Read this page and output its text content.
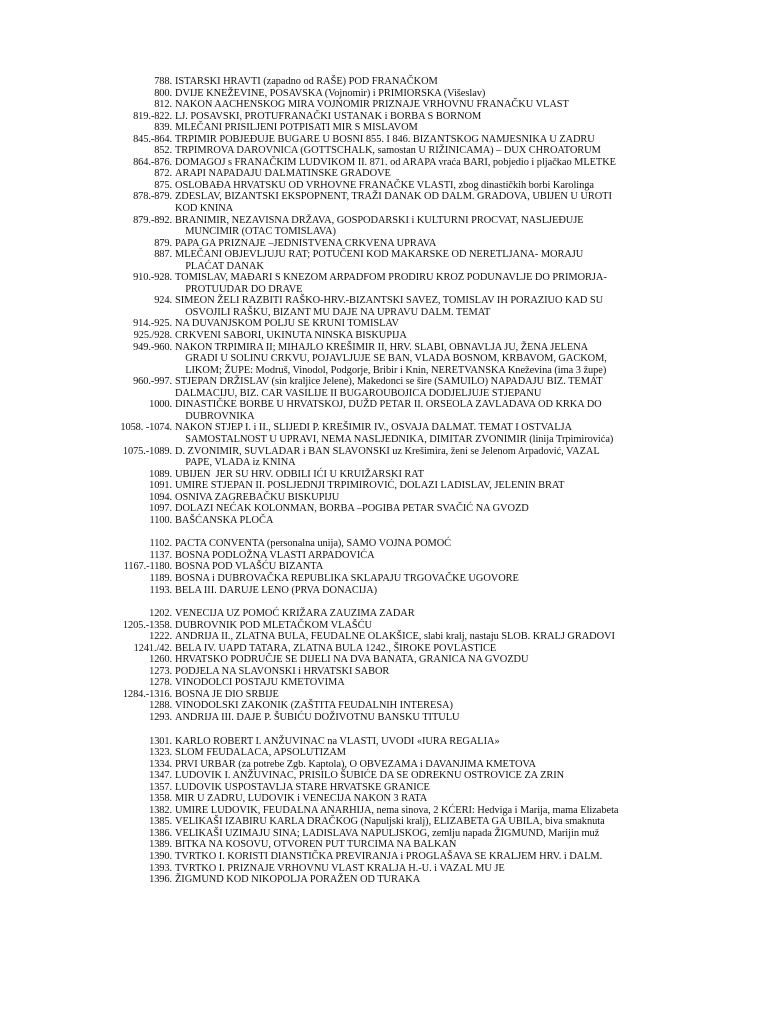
788. ISTARSKI HRAVTI (zapadno od RAŠE) POD FRANAČKOM
800. DVIJE KNEŽEVINE, POSAVSKA (Vojnomir) i PRIMIORSKA (Višeslav)
812. NAKON AACHENSKOG MIRA VOJNOMIR PRIZNAJE VRHOVNU FRANAČKU VLAST
819.-822. LJ. POSAVSKI, PROTUFRANAČKI USTANAK i BORBA S BORNOM
839. MLEČANI PRISILJENI POTPISATI MIR S MISLAVOM
845.-864. TRPIMIR POBJEĐUJE BUGARE U BOSNI 855. I 846. BIZANTSKOG NAMJESNIKA U ZADRU
852. TRPIMROVA DAROVNICA (GOTTSCHALK, samostan U RIŽINICAMA) – DUX CHROATORUM
864.-876. DOMAGOJ s FRANAČKIM LUDVIKOM II. 871. od ARAPA vraća BARI, pobjedio i pljačkao MLETKE
872. ARAPI NAPADAJU DALMATINSKE GRADOVE
875. OSLOBAĐA HRVATSKU OD VRHOVNE FRANAČKE VLASTI, zbog dinastičkih borbi Karolinga
878.-879. ZDESLAV, BIZANTSKI EKSPOPNENT, TRAŽI DANAK OD DALM. GRADOVA, UBIJEN U UROTI
KOD KNINA
879.-892. BRANIMIR, NEZAVISNA DRŽAVA, GOSPODARSKI i KULTURNI PROCVAT, NASLJEĐUJE
MUNCIMIR (OTAC TOMISLAVA)
879. PAPA GA PRIZNAJE –JEDNISTVENA CRKVENA UPRAVA
887. MLEČANI OBJEVLJUJU RAT; POTUČENI KOD MAKARSKE OD NERETLJANA- MORAJU
PLAĆAT DANAK
910.-928. TOMISLAV, MAĐARI S KNEZOM ARPADFOM PRODIRU KROZ PODUNAVLJE DO PRIMORJA-
PROTUUDAR DO DRAVE
924. SIMEON ŽELI RAZBITI RAŠKO-HRV.-BIZANTSKI SAVEZ, TOMISLAV IH PORAZIUO KAD SU
OSVOJILI RAŠKU, BIZANT MU DAJE NA UPRAVU DALM. TEMAT
914.-925. NA DUVANJSKOM POLJU SE KRUNI TOMISLAV
925./928. CRKVENI SABORI, UKINUTA NINSKA BISKUPIJA
949.-960. NAKON TRPIMIRA II; MIHAJLO KREŠIMIR II, HRV. SLABI, OBNAVLJA JU, ŽENA JELENA
GRADI U SOLINU CRKVU, POJAVLJUJE SE BAN, VLADA BOSNOM, KRBAVOM, GACKOM,
LIKOM; ŽUPE: Modruš, Vinodol, Podgorje, Bribir i Knin, NERETVANSKA Kneževina (ima 3 župe)
960.-997. STJEPAN DRŽISLAV (sin kraljice Jelene), Makedonci se šire (SAMUILO) NAPADAJU BIZ. TEMAT
DALMACIJU, BIZ. CAR VASILIJE II BUGAROUBOJICA DODJELJUJE STJEPANU
1000. DINASTIČKE BORBE U HRVATSKOJ, DUŽD PETAR II. ORSEOLA ZAVLADAVA OD KRKA DO
DUBROVNIKA
1058. -1074. NAKON STJEP I. i II., SLIJEDI P. KREŠIMIR IV., OSVAJA DALMAT. TEMAT I OSTVALJA
SAMOSTALNOST U UPRAVI, NEMA NASLJEDNIKA, DIMITAR ZVONIMIR (linija Trpimirovića)
1075.-1089. D. ZVONIMIR, SUVLADAR i BAN SLAVONSKI uz Krešimira, ženi se Jelenom Arpadović, VAZAL
PAPE, VLADA iz KNINA
1089. UBIJEN  JER SU HRV. ODBILI IĆI U KRUIŽARSKI RAT
1091. UMIRE STJEPAN II. POSLJEDNJI TRPIMIROVIĆ, DOLAZI LADISLAV, JELENIN BRAT
1094. OSNIVA ZAGREBAČKU BISKUPIJU
1097. DOLAZI NEĆAK KOLONMAN, BORBA –POGIBA PETAR SVAČIĆ NA GVOZD
1100. BAŠĆANSKA PLOČA
1102. PACTA CONVENTA (personalna unija), SAMO VOJNA POMOĆ
1137. BOSNA PODLOŽNA VLASTI ARPADOVIĆA
1167.-1180. BOSNA POD VLAŠĆU BIZANTA
1189. BOSNA i DUBROVAČKA REPUBLIKA SKLAPAJU TRGOVAČKE UGOVORE
1193. BELA III. DARUJE LENO (PRVA DONACIJA)
1202. VENECIJA UZ POMOĆ KRIŽARA ZAUZIMA ZADAR
1205.-1358. DUBROVNIK POD MLETAČKOM VLAŠĆU
1222. ANDRIJA II., ZLATNA BULA, FEUDALNE OLAKŠICE, slabi kralj, nastaju SLOB. KRALJ GRADOVI
1241./42. BELA IV. UAPD TATARA, ZLATNA BULA 1242., ŠIROKE POVLASTICE
1260. HRVATSKO PODRUČJE SE DIJELI NA DVA BANATA, GRANICA NA GVOZDU
1273. PODJELA NA SLAVONSKI i HRVATSKI SABOR
1278. VINODOLCI POSTAJU KMETOVIMA
1284.-1316. BOSNA JE DIO SRBIJE
1288. VINODOLSKI ZAKONIK (ZAŠTITA FEUDALNIH INTERESA)
1293. ANDRIJA III. DAJE P. ŠUBIĆU DOŽIVOTNU BANSKU TITULU
1301. KARLO ROBERT I. ANŽUVINAC na VLASTI, UVODI «IURA REGALIA»
1323. SLOM FEUDALACA, APSOLUTIZAM
1334. PRVI URBAR (za potrebe Zgb. Kaptola), O OBVEZAMA i DAVANJIMA KMETOVA
1347. LUDOVIK I. ANŽUVINAC, PRISILO ŠUBIĆE DA SE ODREKNU OSTROVICE ZA ZRIN
1357. LUDOVIK USPOSTAVLJA STARE HRVATSKE GRANICE
1358. MIR U ZADRU, LUDOVIK i VENECIJA NAKON 3 RATA
1382. UMIRE LUDOVIK, FEUDALNA ANARHIJA, nema sinova, 2 KĆERI: Hedviga i Marija, mama Elizabeta
1385. VELIKAŠI IZABIRU KARLA DRAČKOG (Napuljski kralj), ELIZABETA GA UBILA, biva smaknuta
1386. VELIKAŠI UZIMAJU SINA; LADISLAVA NAPULJSKOG, zemlju napada ŽIGMUND, Marijin muž
1389. BITKA NA KOSOVU, OTVOREN PUT TURCIMA NA BALKAN
1390. TVRTKO I. KORISTI DIANSTIČKA PREVIRANJA i PROGLAŠAVA SE KRALJEM HRV. i DALM.
1393. TVRTKO I. PRIZNAJE VRHOVNU VLAST KRALJA H.-U. i VAZAL MU JE
1396. ŽIGMUND KOD NIKOPOLJA PORAŽEN OD TURAKA
